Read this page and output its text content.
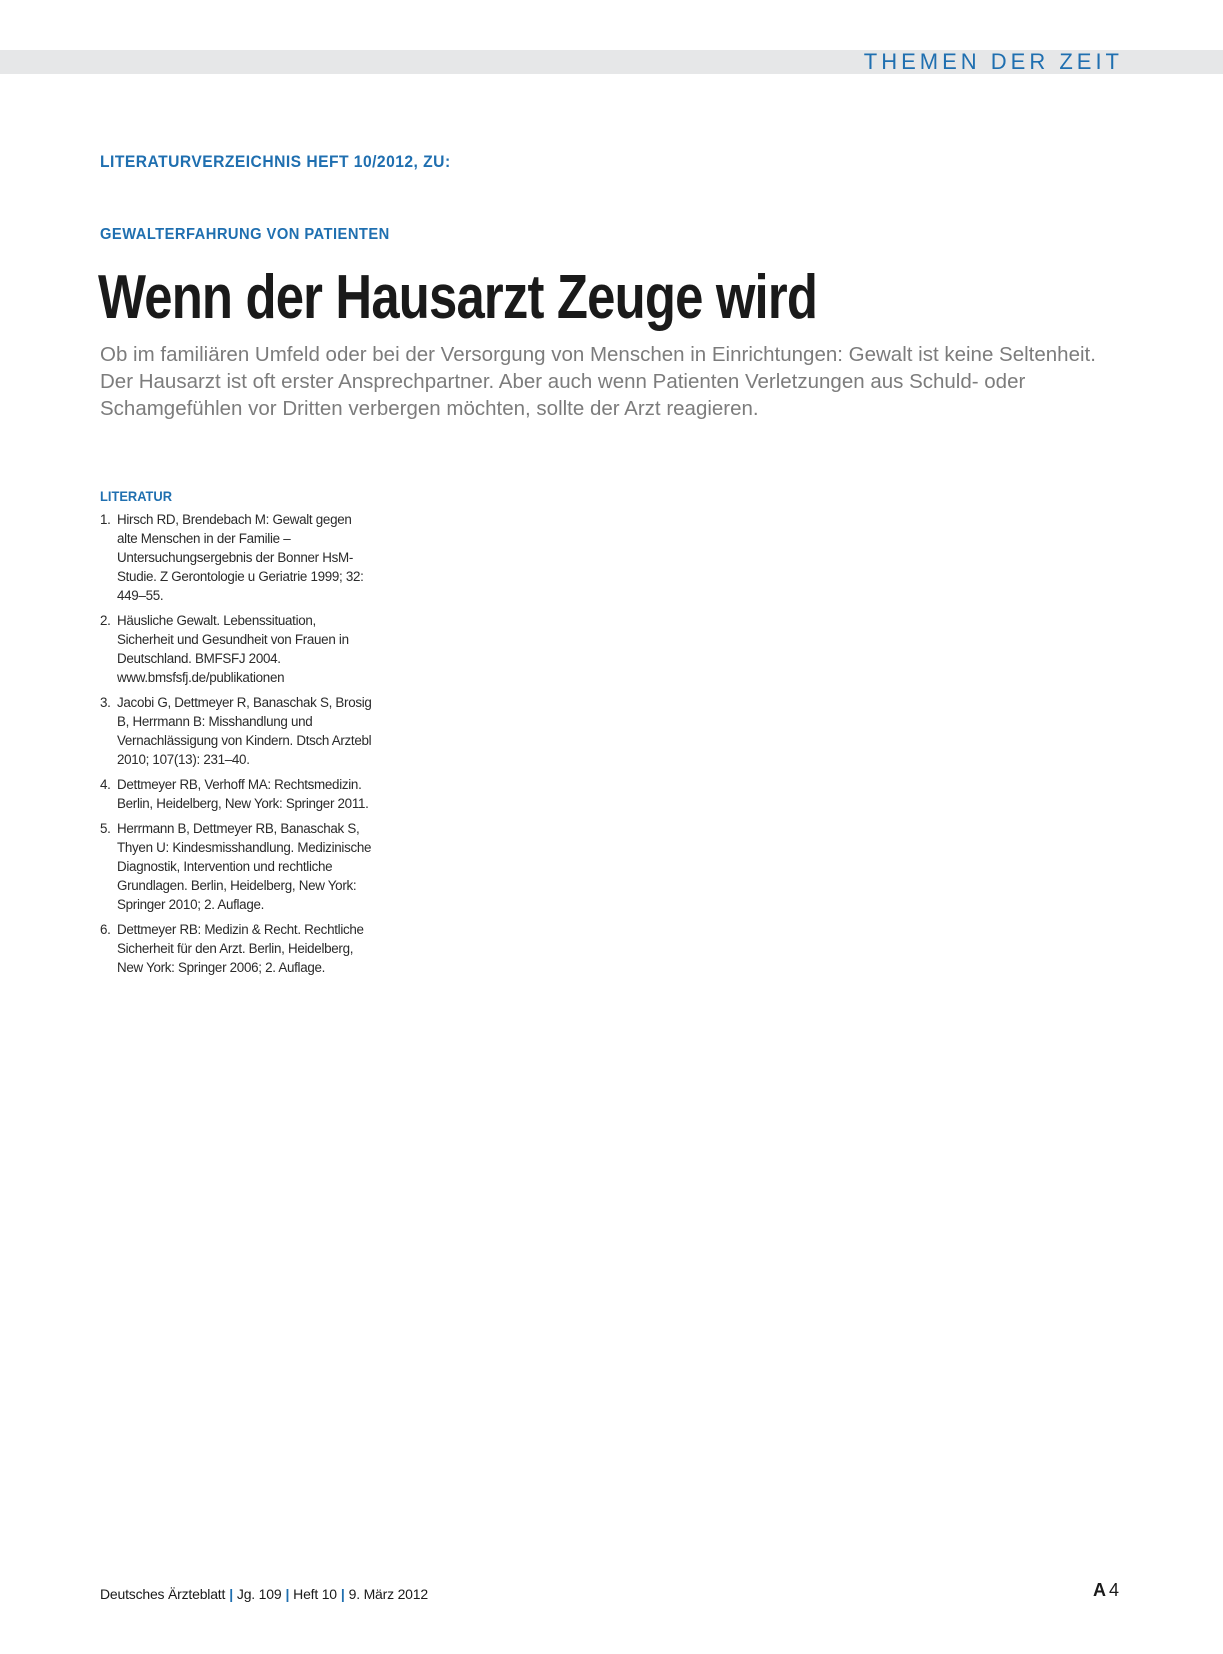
THEMEN DER ZEIT
LITERATURVERZEICHNIS HEFT 10/2012, ZU:
GEWALTERFAHRUNG VON PATIENTEN
Wenn der Hausarzt Zeuge wird

Ob im familiären Umfeld oder bei der Versorgung von Menschen in Einrichtungen: Gewalt ist keine Seltenheit. Der Hausarzt ist oft erster Ansprechpartner. Aber auch wenn Patienten Verletzungen aus Schuld- oder Schamgefühlen vor Dritten verbergen möchten, sollte der Arzt reagieren.

LITERATUR
1. Hirsch RD, Brendebach M: Gewalt gegen alte Menschen in der Familie – Untersuchungsergebnis der Bonner HsM-Studie. Z Gerontologie u Geriatrie 1999; 32: 449–55.
2. Häusliche Gewalt. Lebenssituation, Sicherheit und Gesundheit von Frauen in Deutschland. BMFSFJ 2004. www.bmsfsfj.de/publikationen
3. Jacobi G, Dettmeyer R, Banaschak S, Brosig B, Herrmann B: Misshandlung und Vernachlässigung von Kindern. Dtsch Arztebl 2010; 107(13): 231–40.
4. Dettmeyer RB, Verhoff MA: Rechtsmedizin. Berlin, Heidelberg, New York: Springer 2011.
5. Herrmann B, Dettmeyer RB, Banaschak S, Thyen U: Kindesmisshandlung. Medizinische Diagnostik, Intervention und rechtliche Grundlagen. Berlin, Heidelberg, New York: Springer 2010; 2. Auflage.
6. Dettmeyer RB: Medizin & Recht. Rechtliche Sicherheit für den Arzt. Berlin, Heidelberg, New York: Springer 2006; 2. Auflage.
Deutsches Ärzteblatt | Jg. 109 | Heft 10 | 9. März 2012	A 4
